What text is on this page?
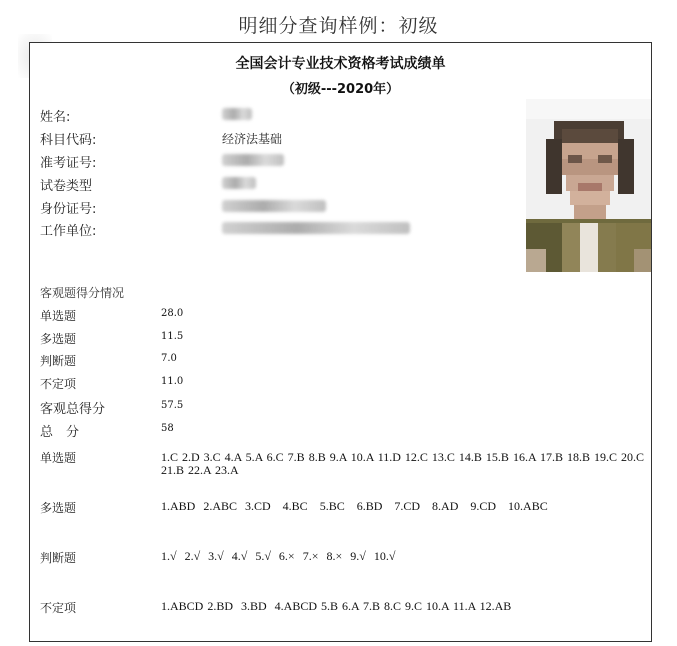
明细分查询样例：初级
全国会计专业技术资格考试成绩单
（初级---2020年）
姓名:
科目代码:	经济法基础
准考证号:
试卷类型
身份证号:
工作单位:
客观题得分情况
单选题	28.0
多选题	11.5
判断题	7.0
不定项	11.0
客观总得分	57.5
总　分	58
单选题	1.C 2.D 3.C 4.A 5.A 6.C 7.B 8.B 9.A 10.A 11.D 12.C 13.C 14.B 15.B 16.A 17.B 18.B 19.C 20.C 21.B 22.A 23.A
多选题	1.ABD  2.ABC  3.CD   4.BC   5.BC   6.BD   7.CD   8.AD   9.CD   10.ABC
判断题	1.√  2.√  3.√  4.√  5.√  6.×  7.×  8.×  9.√  10.√
不定项	1.ABCD 2.BD  3.BD  4.ABCD 5.B 6.A 7.B 8.C 9.C 10.A 11.A 12.AB
